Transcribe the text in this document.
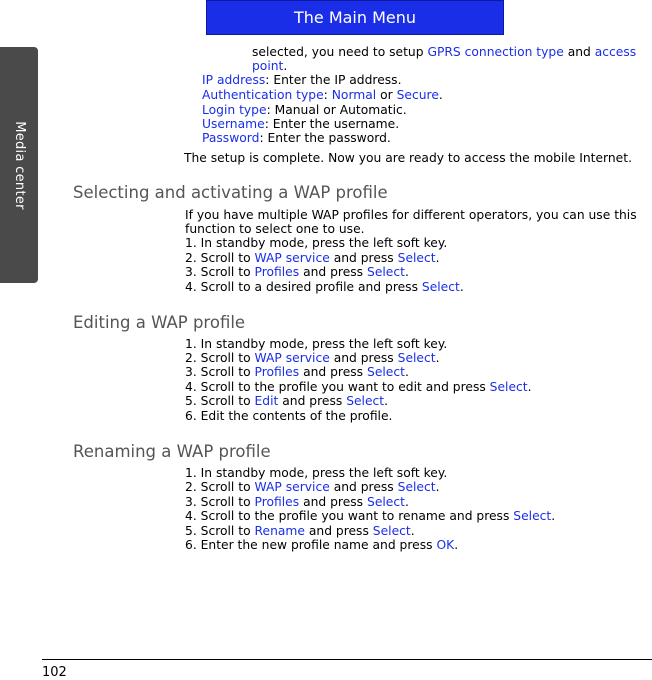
Media center
The Main Menu
selected, you need to setup GPRS connection type and access
point.
IP address: Enter the IP address.
Authentication type: Normal or Secure.
Login type: Manual or Automatic.
Username: Enter the username.
Password: Enter the password.
The setup is complete. Now you are ready to access the mobile Internet.
Selecting and activating a WAP profile
If you have multiple WAP profiles for different operators, you can use this
function to select one to use.
1. In standby mode, press the left soft key.
2. Scroll to WAP service and press Select.
3. Scroll to Profiles and press Select.
4. Scroll to a desired profile and press Select.
Editing a WAP profile
1. In standby mode, press the left soft key.
2. Scroll to WAP service and press Select.
3. Scroll to Profiles and press Select.
4. Scroll to the profile you want to edit and press Select.
5. Scroll to Edit and press Select.
6. Edit the contents of the profile.
Renaming a WAP profile
1. In standby mode, press the left soft key.
2. Scroll to WAP service and press Select.
3. Scroll to Profiles and press Select.
4. Scroll to the profile you want to rename and press Select.
5. Scroll to Rename and press Select.
6. Enter the new profile name and press OK.
102
